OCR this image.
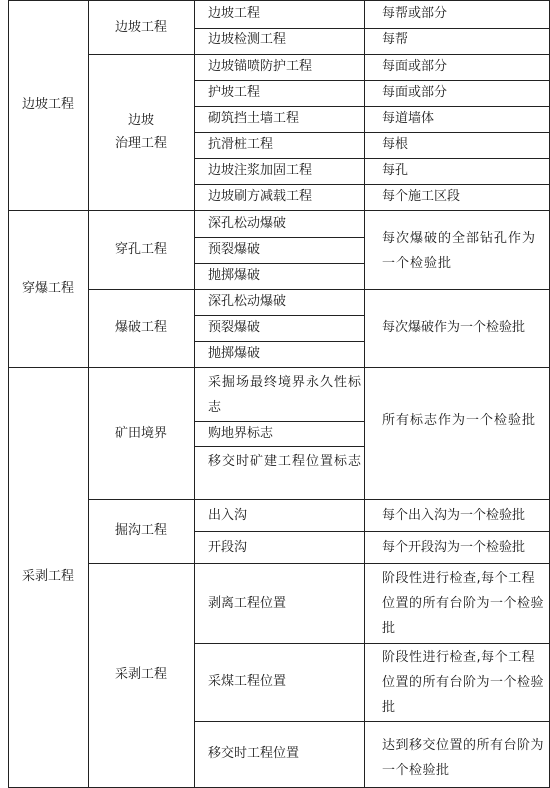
边坡工程
穿爆工程
采剥工程
边坡工程
边坡
治理工程
穿孔工程
爆破工程
矿田境界
掘沟工程
采剥工程
边坡工程
边坡检测工程
边坡锚喷防护工程
护坡工程
砌筑挡土墙工程
抗滑桩工程
边坡注浆加固工程
边坡刷方减载工程
深孔松动爆破
预裂爆破
抛掷爆破
深孔松动爆破
预裂爆破
抛掷爆破
采掘场最终境界永久性标志
购地界标志
移交时矿建工程位置标志
出入沟
开段沟
剥离工程位置
采煤工程位置
移交时工程位置
每帮或部分
每帮
每面或部分
每面或部分
每道墙体
每根
每孔
每个施工区段
每次爆破的全部钻孔作为一个检验批
每次爆破作为一个检验批
所有标志作为一个检验批
每个出入沟为一个检验批
每个开段沟为一个检验批
阶段性进行检查,每个工程位置的所有台阶为一个检验批
阶段性进行检查,每个工程位置的所有台阶为一个检验批
达到移交位置的所有台阶为一个检验批
